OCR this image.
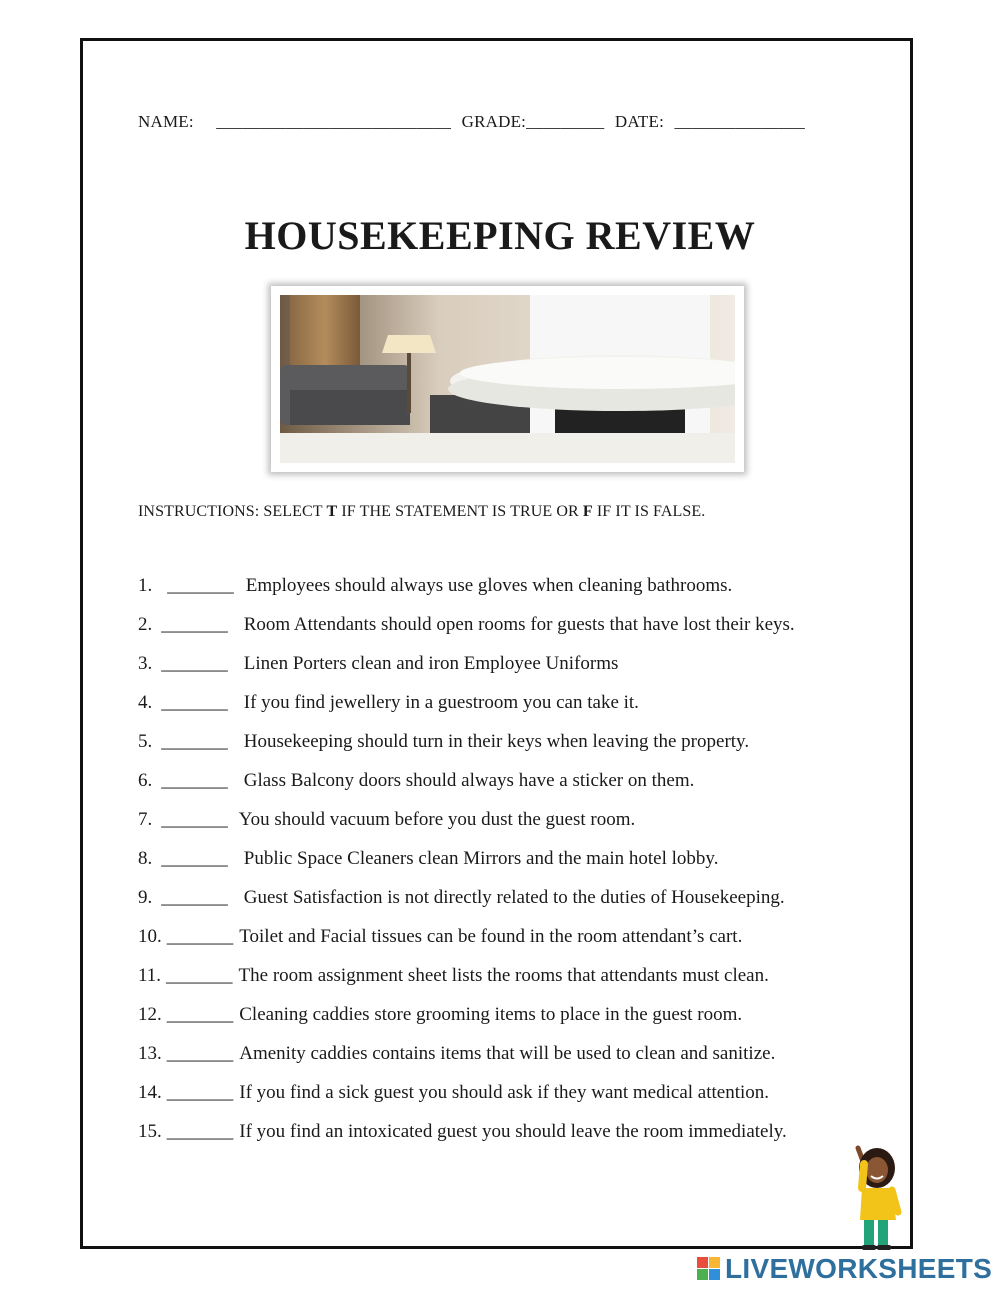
NAME: ___________________________ GRADE:_________ DATE: _______________
HOUSEKEEPING REVIEW
INSTRUCTIONS: SELECT T IF THE STATEMENT IS TRUE OR F IF IT IS FALSE.
1. _______ Employees should always use gloves when cleaning bathrooms.
2. _______ Room Attendants should open rooms for guests that have lost their keys.
3. _______ Linen Porters clean and iron Employee Uniforms
4. _______ If you find jewellery in a guestroom you can take it.
5. _______ Housekeeping should turn in their keys when leaving the property.
6. _______ Glass Balcony doors should always have a sticker on them.
7. _______ You should vacuum before you dust the guest room.
8. _______ Public Space Cleaners clean Mirrors and the main hotel lobby.
9. _______ Guest Satisfaction is not directly related to the duties of Housekeeping.
10. _______ Toilet and Facial tissues can be found in the room attendant’s cart.
11. _______ The room assignment sheet lists the rooms that attendants must clean.
12. _______ Cleaning caddies store grooming items to place in the guest room.
13. _______ Amenity caddies contains items that will be used to clean and sanitize.
14. _______ If you find a sick guest you should ask if they want medical attention.
15. _______ If you find an intoxicated guest you should leave the room immediately.
LIVEWORKSHEETS
